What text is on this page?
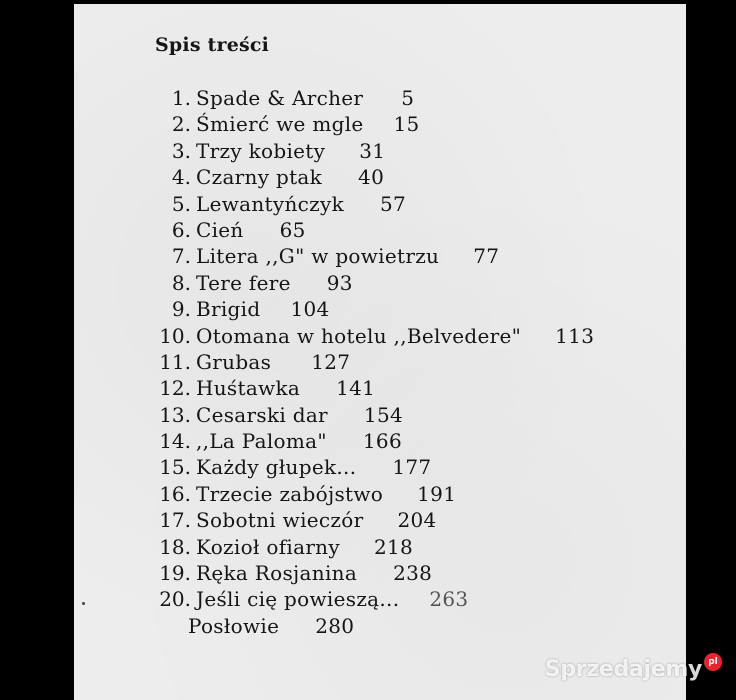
Spis treści
1. Spade & Archer 5
2. Śmierć we mgle 15
3. Trzy kobiety 31
4. Czarny ptak 40
5. Lewantyńczyk 57
6. Cień 65
7. Litera ,,G" w powietrzu 77
8. Tere fere 93
9. Brigid 104
10. Otomana w hotelu ,,Belvedere" 113
11. Grubas 127
12. Huśtawka 141
13. Cesarski dar 154
14. ,,La Paloma" 166
15. Każdy głupek... 177
16. Trzecie zabójstwo 191
17. Sobotni wieczór 204
18. Kozioł ofiarny 218
19. Ręka Rosjanina 238
20. Jeśli cię powieszą... 263
Posłowie 280
Sprzedajemy pl
